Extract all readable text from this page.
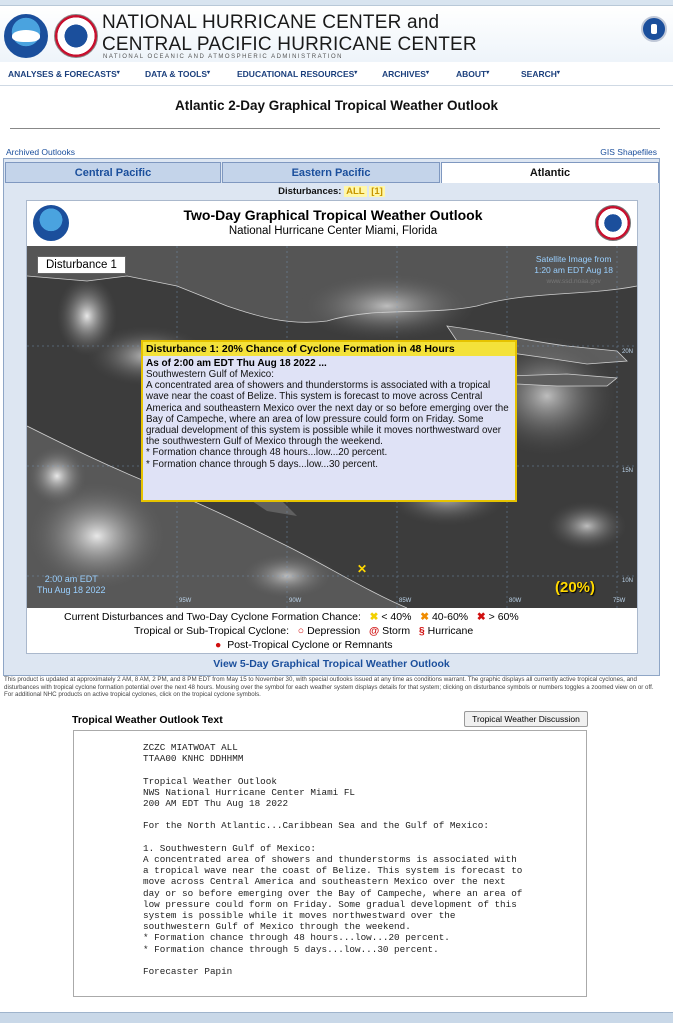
NATIONAL HURRICANE CENTER and
CENTRAL PACIFIC HURRICANE CENTER
NATIONAL OCEANIC AND ATMOSPHERIC ADMINISTRATION
ANALYSES & FORECASTS▾	DATA & TOOLS▾	EDUCATIONAL RESOURCES▾	ARCHIVES▾	ABOUT▾	SEARCH▾
Atlantic 2-Day Graphical Tropical Weather Outlook
Archived Outlooks	GIS Shapefiles
Central Pacific	Eastern Pacific	Atlantic
Disturbances: ALL [1]
Two-Day Graphical Tropical Weather Outlook
National Hurricane Center Miami, Florida
20N
15N
10N
95W	90W	85W	80W	75W
Disturbance 1	Satellite Image from
1:20 am EDT Aug 18
www.ssd.noaa.gov
2:00 am EDT
Thu Aug 18 2022
✕
(20%)
Disturbance 1: 20% Chance of Cyclone Formation in 48 Hours
As of 2:00 am EDT Thu Aug 18 2022 ...
Southwestern Gulf of Mexico:
A concentrated area of showers and thunderstorms is associated with a tropical wave near the coast of Belize. This system is forecast to move across Central America and southeastern Mexico over the next day or so before emerging over the Bay of Campeche, where an area of low pressure could form on Friday. Some gradual development of this system is possible while it moves northwestward over the southwestern Gulf of Mexico through the weekend.
* Formation chance through 48 hours...low...20 percent.
* Formation chance through 5 days...low...30 percent.
Current Disturbances and Two-Day Cyclone Formation Chance: ✖ < 40% ✖ 40-60% ✖ > 60%
Tropical or Sub-Tropical Cyclone: ○ Depression @ Storm § Hurricane
● Post-Tropical Cyclone or Remnants
View 5-Day Graphical Tropical Weather Outlook
This product is updated at approximately 2 AM, 8 AM, 2 PM, and 8 PM EDT from May 15 to November 30, with special outlooks issued at any time as conditions warrant. The graphic displays all currently active tropical cyclones, and disturbances with tropical cyclone formation potential over the next 48 hours. Mousing over the symbol for each weather system displays details for that system; clicking on disturbance symbols or numbers toggles a zoomed view on or off. For additional NHC products on active tropical cyclones, click on the tropical cyclone symbols.
Tropical Weather Outlook Text	Tropical Weather Discussion
ZCZC MIATWOAT ALL
TTAA00 KNHC DDHHMM

Tropical Weather Outlook
NWS National Hurricane Center Miami FL
200 AM EDT Thu Aug 18 2022

For the North Atlantic...Caribbean Sea and the Gulf of Mexico:

1. Southwestern Gulf of Mexico:
A concentrated area of showers and thunderstorms is associated with
a tropical wave near the coast of Belize. This system is forecast to
move across Central America and southeastern Mexico over the next
day or so before emerging over the Bay of Campeche, where an area of
low pressure could form on Friday. Some gradual development of this
system is possible while it moves northwestward over the
southwestern Gulf of Mexico through the weekend.
* Formation chance through 48 hours...low...20 percent.
* Formation chance through 5 days...low...30 percent.

Forecaster Papin
